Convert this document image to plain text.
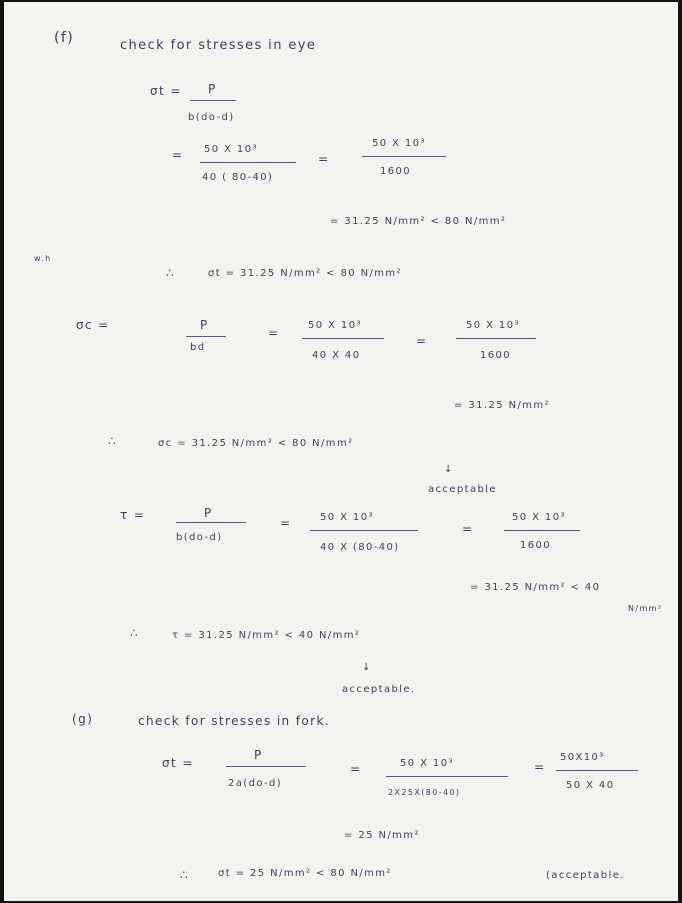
(f)	check for stresses in eye
σt = P
b(do-d)
= 50 X 10³
40 ( 80-40)
=
50 X 10³
1600
= 31.25 N/mm² < 80 N/mm²
w.h
∴	σt = 31.25 N/mm² < 80 N/mm²
σc =	P
bd
=
50 X 10³
40 X 40
=
50 X 10³
1600
= 31.25 N/mm²
∴	σc = 31.25 N/mm² < 80 N/mm²
↓
acceptable
τ =	P
b(do-d)
=	50 X 10³
40 X (80-40)
=
50 X 10³
1600
= 31.25 N/mm² < 40
N/mm²
∴	τ = 31.25 N/mm² < 40 N/mm²
↓
acceptable.
(g)	check for stresses in fork.
σt =
P
2a(do-d)
=	50 X 10³
2X25X(80-40)
=
50X10³
50 X 40
= 25 N/mm²
∴	σt = 25 N/mm² < 80 N/mm²	(acceptable.
